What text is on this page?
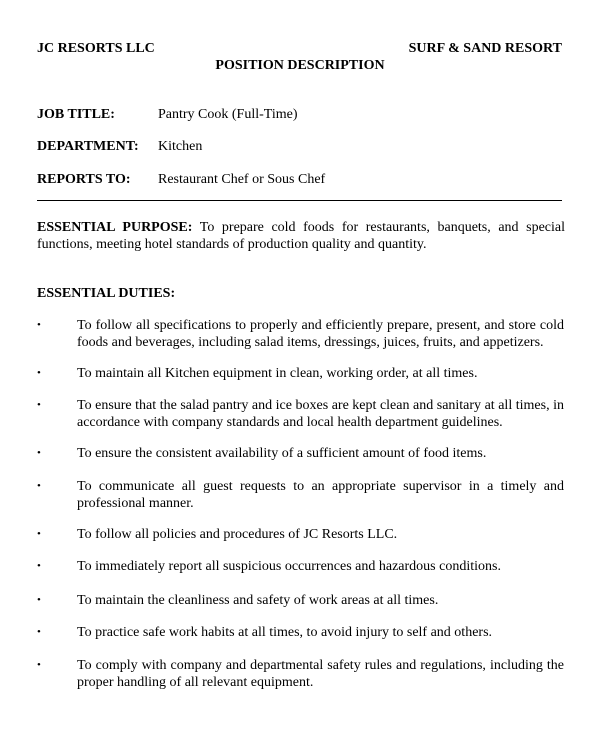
JC RESORTS LLC	SURF & SAND RESORT
POSITION DESCRIPTION
JOB TITLE:	Pantry Cook (Full-Time)
DEPARTMENT: Kitchen
REPORTS TO: Restaurant Chef or Sous Chef
ESSENTIAL PURPOSE: To prepare cold foods for restaurants, banquets, and special functions, meeting hotel standards of production quality and quantity.
ESSENTIAL DUTIES:
•	To follow all specifications to properly and efficiently prepare, present, and store cold foods and beverages, including salad items, dressings, juices, fruits, and appetizers.
•	To maintain all Kitchen equipment in clean, working order, at all times.
•	To ensure that the salad pantry and ice boxes are kept clean and sanitary at all times, in accordance with company standards and local health department guidelines.
•	To ensure the consistent availability of a sufficient amount of food items.
•	To communicate all guest requests to an appropriate supervisor in a timely and professional manner.
•	To follow all policies and procedures of JC Resorts LLC.
•	To immediately report all suspicious occurrences and hazardous conditions.
•	To maintain the cleanliness and safety of work areas at all times.
•	To practice safe work habits at all times, to avoid injury to self and others.
•	To comply with company and departmental safety rules and regulations, including the proper handling of all relevant equipment.
